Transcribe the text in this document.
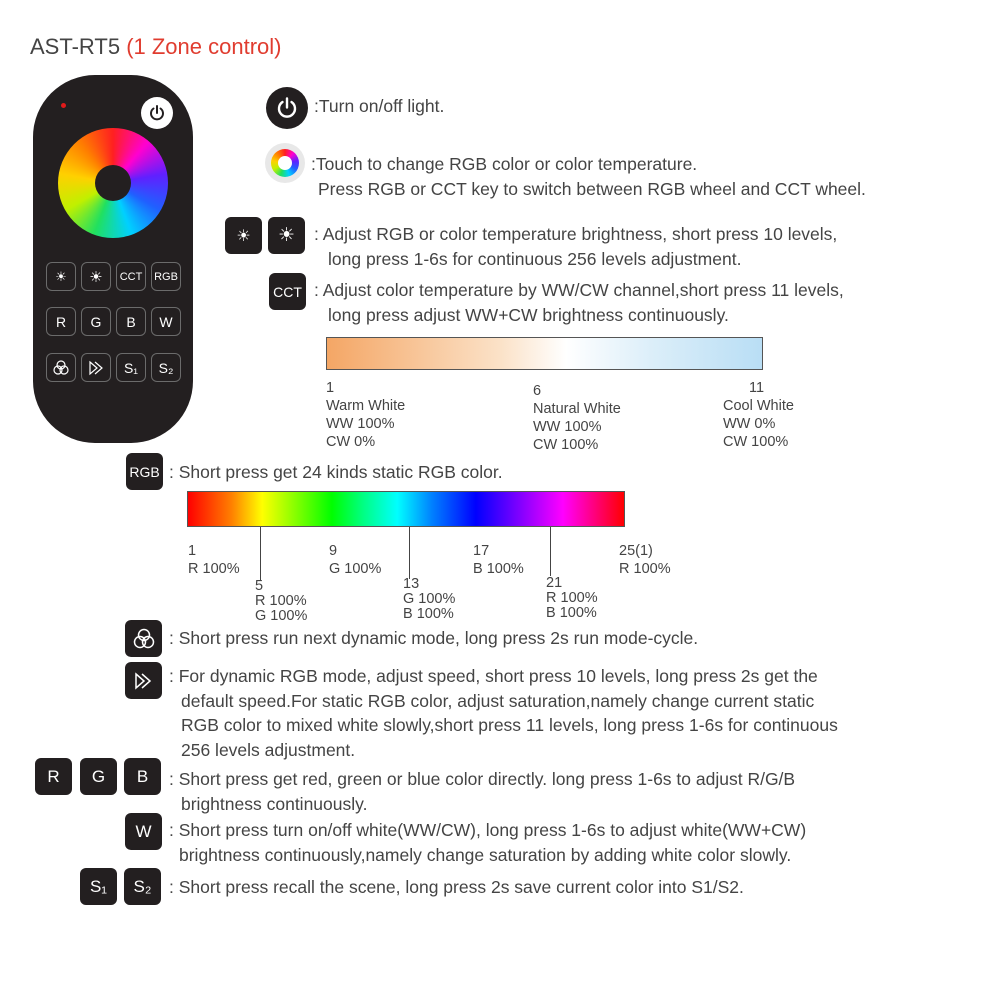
AST-RT5 (1 Zone control)
☀ ☀ CCT RGB
R G B W
S₁ S₂
:Turn on/off light.
:Touch to change RGB color or color temperature.
Press RGB or CCT key to switch between RGB wheel and CCT wheel.
☀ ☀ : Adjust RGB or color temperature brightness, short press 10 levels,
long press 1-6s for continuous 256 levels adjustment.
CCT : Adjust color temperature by WW/CW channel,short press 11 levels,
long press adjust WW+CW brightness continuously.
1
Warm White
WW 100%
CW 0%
6
Natural White
WW 100%
CW 100%
11
Cool White
WW 0%
CW 100%
RGB : Short press get 24 kinds static RGB color.
1
R 100%
9
G 100%
17
B 100%
25(1)
R 100%
5
R 100%
G 100%
13
G 100%
B 100%
21
R 100%
B 100%
: Short press run next dynamic mode, long press 2s run mode-cycle.
: For dynamic RGB mode, adjust speed, short press 10 levels, long press 2s get the
default speed.For static RGB color, adjust saturation,namely change current static
RGB color to mixed white slowly,short press 11 levels, long press 1-6s for continuous
256 levels adjustment.
R	G	B	: Short press get red, green or blue color directly. long press 1-6s to adjust R/G/B
brightness continuously.
W : Short press turn on/off white(WW/CW), long press 1-6s to adjust white(WW+CW)
brightness continuously,namely change saturation by adding white color slowly.
S₁	S₂	: Short press recall the scene, long press 2s save current color into S1/S2.
